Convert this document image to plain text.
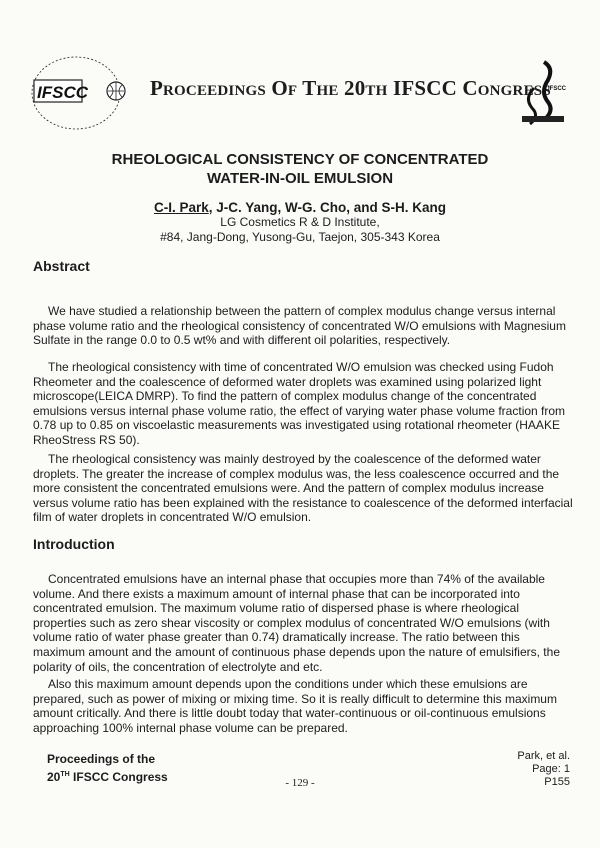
IFSCC	Proceedings Of The 20th IFSCC Congress
IFSCC
RHEOLOGICAL CONSISTENCY OF CONCENTRATED
WATER-IN-OIL EMULSION
C-I. Park, J-C. Yang, W-G. Cho, and S-H. Kang
LG Cosmetics R & D Institute,
#84, Jang-Dong, Yusong-Gu, Taejon, 305-343 Korea
Abstract
We have studied a relationship between the pattern of complex modulus change versus internal phase volume ratio and the rheological consistency of concentrated W/O emulsions with Magnesium Sulfate in the range 0.0 to 0.5 wt% and with different oil polarities, respectively.
The rheological consistency with time of concentrated W/O emulsion was checked using Fudoh Rheometer and the coalescence of deformed water droplets was examined using polarized light microscope(LEICA DMRP). To find the pattern of complex modulus change of the concentrated emulsions versus internal phase volume ratio, the effect of varying water phase volume fraction from 0.78 up to 0.85 on viscoelastic measurements was investigated using rotational rheometer (HAAKE RheoStress RS 50).
The rheological consistency was mainly destroyed by the coalescence of the deformed water droplets. The greater the increase of complex modulus was, the less coalescence occurred and the more consistent the concentrated emulsions were. And the pattern of complex modulus increase versus volume ratio has been explained with the resistance to coalescence of the deformed interfacial film of water droplets in concentrated W/O emulsion.
Introduction
Concentrated emulsions have an internal phase that occupies more than 74% of the available volume. And there exists a maximum amount of internal phase that can be incorporated into concentrated emulsion. The maximum volume ratio of dispersed phase is where rheological properties such as zero shear viscosity or complex modulus of concentrated W/O emulsions (with volume ratio of water phase greater than 0.74) dramatically increase. The ratio between this maximum amount and the amount of continuous phase depends upon the nature of emulsifiers, the polarity of oils, the concentration of electrolyte and etc.
Also this maximum amount depends upon the conditions under which these emulsions are prepared, such as power of mixing or mixing time. So it is really difficult to determine this maximum amount critically. And there is little doubt today that water-continuous or oil-continuous emulsions approaching 100% internal phase volume can be prepared.
Proceedings of the
20TH IFSCC Congress
Park, et al.
Page: 1
P155
- 129 -
